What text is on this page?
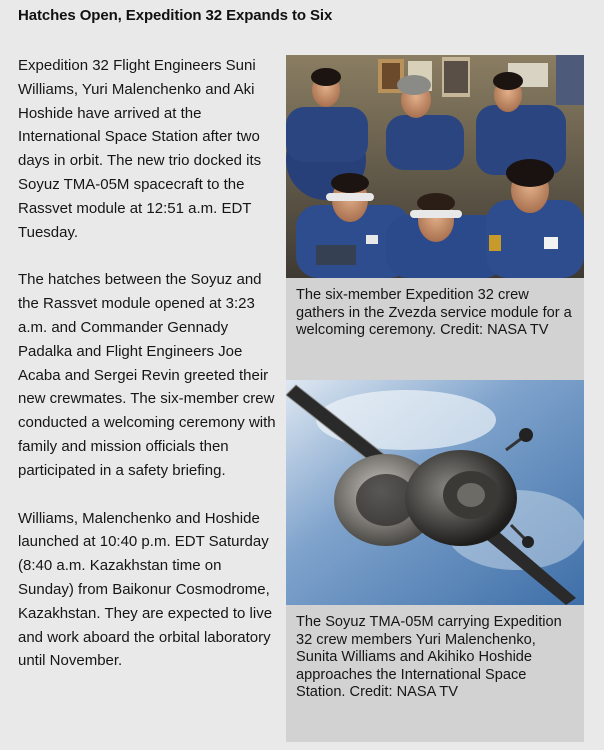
Hatches Open, Expedition 32 Expands to Six

Expedition 32 Flight Engineers Suni Williams, Yuri Malenchenko and Aki Hoshide have arrived at the International Space Station after two days in orbit. The new trio docked its Soyuz TMA-05M spacecraft to the Rassvet module at 12:51 a.m. EDT Tuesday.

The hatches between the Soyuz and the Rassvet module opened at 3:23 a.m. and Commander Gennady Padalka and Flight Engineers Joe Acaba and Sergei Revin greeted their new crewmates. The six-member crew conducted a welcoming ceremony with family and mission officials then participated in a safety briefing.

Williams, Malenchenko and Hoshide launched at 10:40 p.m. EDT Saturday (8:40 a.m. Kazakhstan time on Sunday) from Baikonur Cosmodrome, Kazakhstan. They are expected to live and work aboard the orbital laboratory until November.

The six-member Expedition 32 crew gathers in the Zvezda service module for a welcoming ceremony. Credit: NASA TV
The Soyuz TMA-05M carrying Expedition 32 crew members Yuri Malenchenko, Sunita Williams and Akihiko Hoshide approaches the International Space Station. Credit: NASA TV
